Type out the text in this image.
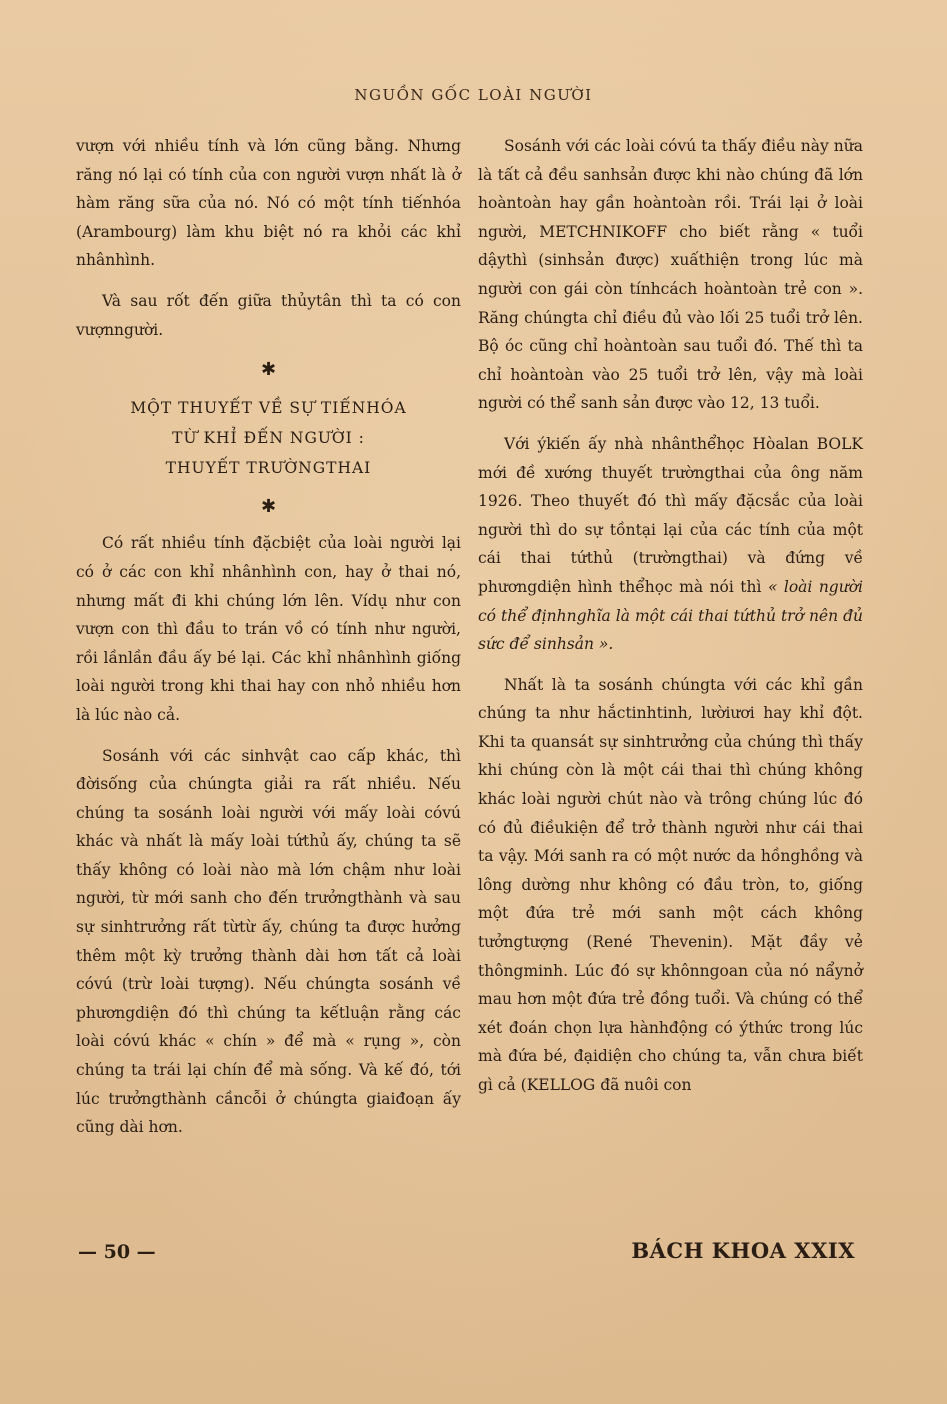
NGUỒN GỐC LOÀI NGƯỜI

vượn với nhiều tính và lớn cũng bằng. Nhưng răng nó lại có tính của con người vượn nhất là ở hàm răng sữa của nó. Nó có một tính tiếnhóa (Arambourg) làm khu biệt nó ra khỏi các khỉ nhânhình.

Và sau rốt đến giữa thủytân thì ta có con vượnngười.

✱
MỘT THUYẾT VỀ SỰ TIẾNHÓA
TỪ KHỈ ĐẾN NGƯỜI :
THUYẾT TRƯỜNGTHAI
✱

Có rất nhiều tính đặcbiệt của loài người lại có ở các con khỉ nhânhình con, hay ở thai nó, nhưng mất đi khi chúng lớn lên. Vídụ như con vượn con thì đầu to trán vồ có tính như người, rồi lầnlần đầu ấy bé lại. Các khỉ nhânhình giống loài người trong khi thai hay con nhỏ nhiều hơn là lúc nào cả.

Sosánh với các sinhvật cao cấp khác, thì đờisống của chúngta giải ra rất nhiều. Nếu chúng ta sosánh loài người với mấy loài cóvú khác và nhất là mấy loài tứthủ ấy, chúng ta sẽ thấy không có loài nào mà lớn chậm như loài người, từ mới sanh cho đến trưởngthành và sau sự sinhtrưởng rất từtừ ấy, chúng ta được hưởng thêm một kỳ trưởng thành dài hơn tất cả loài cóvú (trừ loài tượng). Nếu chúngta sosánh về phươngdiện đó thì chúng ta kếtluận rằng các loài cóvú khác « chín » để mà « rụng », còn chúng ta trái lại chín để mà sống. Và kế đó, tới lúc trưởngthành cầncỗi ở chúngta giaiđoạn ấy cũng dài hơn.

Sosánh với các loài cóvú ta thấy điều này nữa là tất cả đều sanhsản được khi nào chúng đã lớn hoàntoàn hay gần hoàntoàn rồi. Trái lại ở loài người, METCHNIKOFF cho biết rằng « tuổi dậythì (sinhsản được) xuấthiện trong lúc mà người con gái còn tínhcách hoàntoàn trẻ con ». Răng chúngta chỉ điều đủ vào lối 25 tuổi trở lên. Bộ óc cũng chỉ hoàntoàn sau tuổi đó. Thế thì ta chỉ hoàntoàn vào 25 tuổi trở lên, vậy mà loài người có thể sanh sản được vào 12, 13 tuổi.

Với ýkiến ấy nhà nhânthểhọc Hòalan BOLK mới đề xướng thuyết trườngthai của ông năm 1926. Theo thuyết đó thì mấy đặcsắc của loài người thì do sự tồntại lại của các tính của một cái thai tứthủ (trườngthai) và đứng về phươngdiện hình thểhọc mà nói thì « loài người có thể địnhnghĩa là một cái thai tứthủ trở nên đủ sức để sinhsản ».

Nhất là ta sosánh chúngta với các khỉ gần chúng ta như hắctinhtinh, lườiươi hay khỉ đột. Khi ta quansát sự sinhtrưởng của chúng thì thấy khi chúng còn là một cái thai thì chúng không khác loài người chút nào và trông chúng lúc đó có đủ điềukiện để trở thành người như cái thai ta vậy. Mới sanh ra có một nước da hồnghồng và lông dường như không có đầu tròn, to, giống một đứa trẻ mới sanh một cách không tưởngtượng (René Thevenin). Mặt đầy vẻ thôngminh. Lúc đó sự khônngoan của nó nẩynở mau hơn một đứa trẻ đồng tuổi. Và chúng có thể xét đoán chọn lựa hànhđộng có ýthức trong lúc mà đứa bé, đạidiện cho chúng ta, vẫn chưa biết gì cả (KELLOG đã nuôi con

— 50 —	BÁCH KHOA XXIX
